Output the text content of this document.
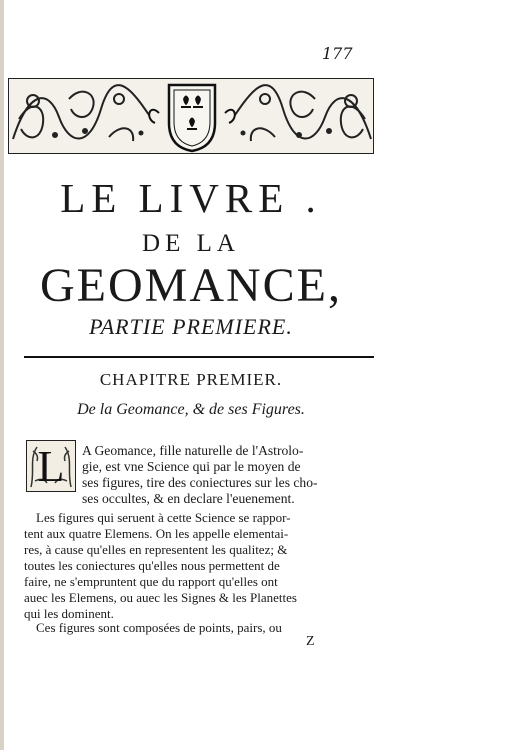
177
LE LIVRE .
DE LA
GEOMANCE,
PARTIE PREMIERE.
CHAPITRE PREMIER.
De la Geomance, & de ses Figures.
L	A Geomance, fille naturelle de l'Astrolo-
gie, est vne Science qui par le moyen de
ses figures, tire des coniectures sur les cho-
ses occultes, & en declare l'euenement.
Les figures qui seruent à cette Science se rappor-
tent aux quatre Elemens. On les appelle elementai-
res, à cause qu'elles en representent les qualitez; &
toutes les coniectures qu'elles nous permettent de
faire, ne s'empruntent que du rapport qu'elles ont
auec les Elemens, ou auec les Signes & les Planettes
qui les dominent.
Ces figures sont composées de points, pairs, ou
Z
